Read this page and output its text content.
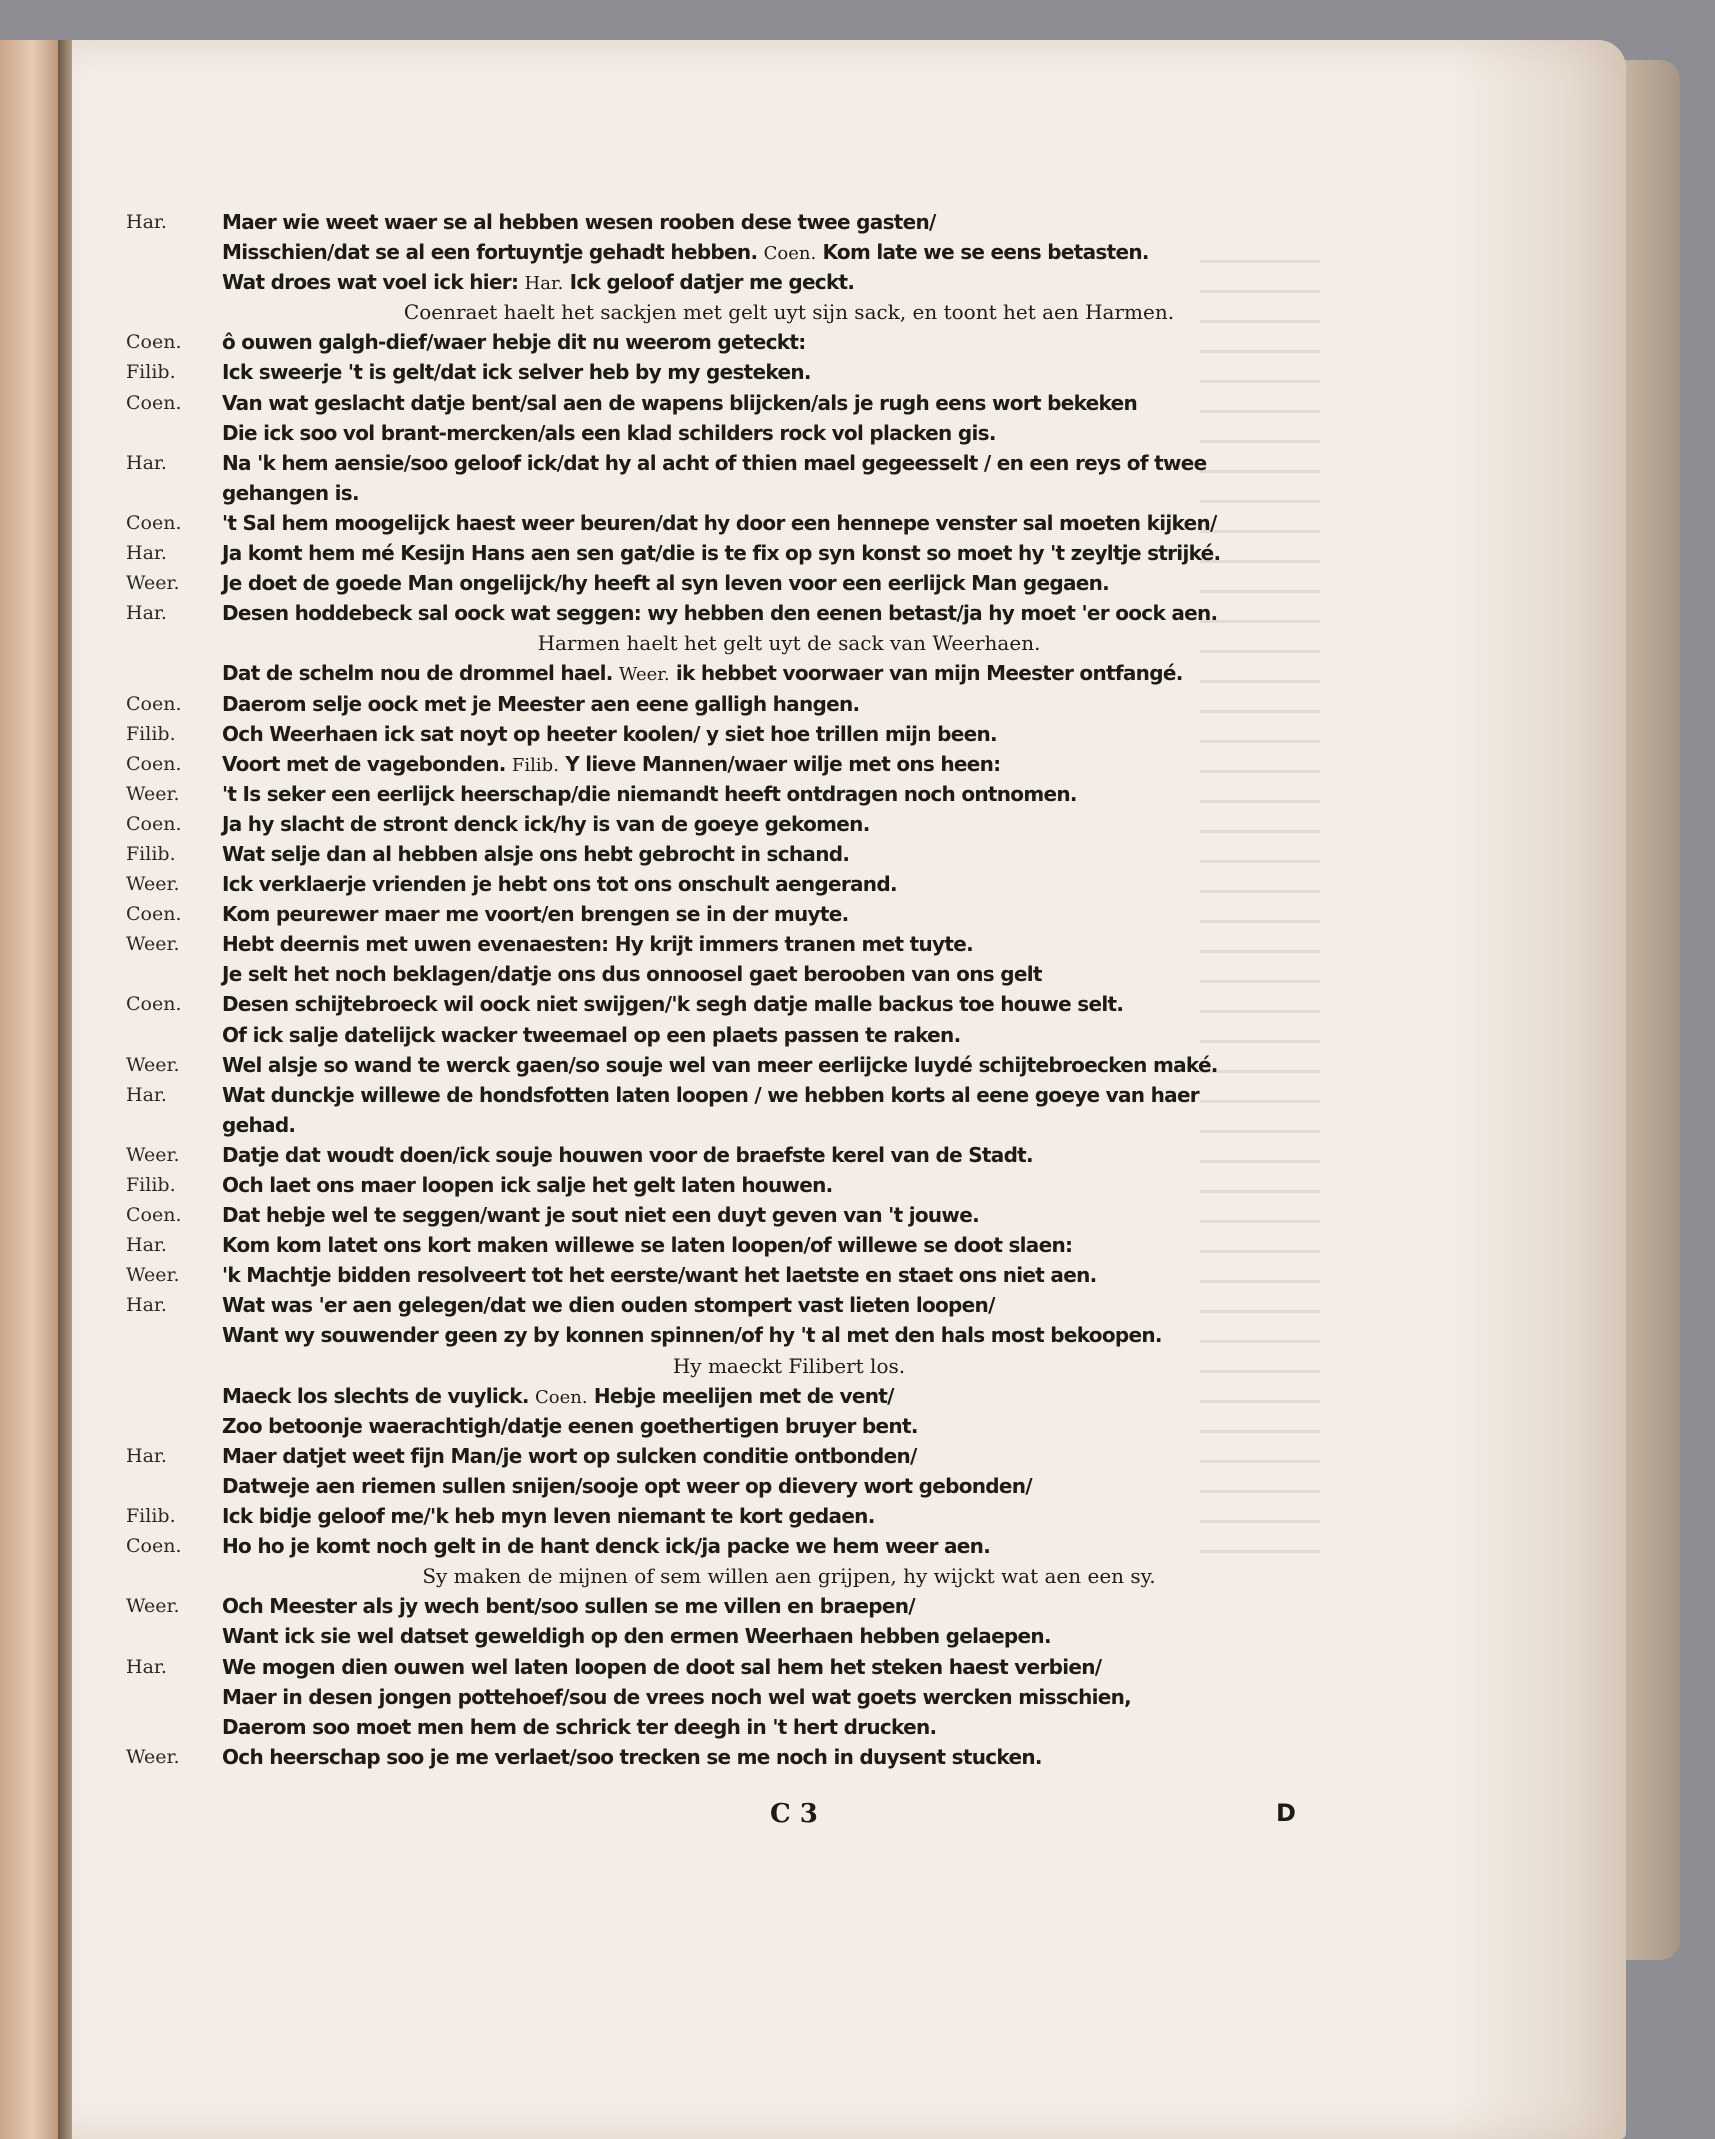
Har.	Maer wie weet waer se al hebben wesen rooben dese twee gasten/
Misschien/dat se al een fortuyntje gehadt hebben. Coen. Kom late we se eens betasten.
Wat droes wat voel ick hier: Har. Ick geloof datjer me geckt.
Coenraet haelt het sackjen met gelt uyt sijn sack, en toont het aen Harmen.
Coen.	ô ouwen galgh-dief/waer hebje dit nu weerom geteckt:
Filib.	Ick sweerje 't is gelt/dat ick selver heb by my gesteken.
Coen.	Van wat geslacht datje bent/sal aen de wapens blijcken/als je rugh eens wort bekeken
Die ick soo vol brant-mercken/als een klad schilders rock vol placken gis.
Har.	Na 'k hem aensie/soo geloof ick/dat hy al acht of thien mael gegeesselt / en een reys of twee
gehangen is.
Coen.	't Sal hem moogelijck haest weer beuren/dat hy door een hennepe venster sal moeten kijken/
Har.	Ja komt hem mé Kesijn Hans aen sen gat/die is te fix op syn konst so moet hy 't zeyltje strijké.
Weer.	Je doet de goede Man ongelijck/hy heeft al syn leven voor een eerlijck Man gegaen.
Har.	Desen hoddebeck sal oock wat seggen: wy hebben den eenen betast/ja hy moet 'er oock aen.
Harmen haelt het gelt uyt de sack van Weerhaen.
Dat de schelm nou de drommel hael. Weer. ik hebbet voorwaer van mijn Meester ontfangé.
Coen.	Daerom selje oock met je Meester aen eene galligh hangen.
Filib.	Och Weerhaen ick sat noyt op heeter koolen/ y siet hoe trillen mijn been.
Coen.	Voort met de vagebonden. Filib. Y lieve Mannen/waer wilje met ons heen:
Weer.	't Is seker een eerlijck heerschap/die niemandt heeft ontdragen noch ontnomen.
Coen.	Ja hy slacht de stront denck ick/hy is van de goeye gekomen.
Filib.	Wat selje dan al hebben alsje ons hebt gebrocht in schand.
Weer.	Ick verklaerje vrienden je hebt ons tot ons onschult aengerand.
Coen.	Kom peurewer maer me voort/en brengen se in der muyte.
Weer.	Hebt deernis met uwen evenaesten: Hy krijt immers tranen met tuyte.
Je selt het noch beklagen/datje ons dus onnoosel gaet berooben van ons gelt
Coen.	Desen schijtebroeck wil oock niet swijgen/'k segh datje malle backus toe houwe selt.
Of ick salje datelijck wacker tweemael op een plaets passen te raken.
Weer.	Wel alsje so wand te werck gaen/so souje wel van meer eerlijcke luydé schijtebroecken maké.
Har.	Wat dunckje willewe de hondsfotten laten loopen / we hebben korts al eene goeye van haer
gehad.
Weer.	Datje dat woudt doen/ick souje houwen voor de braefste kerel van de Stadt.
Filib.	Och laet ons maer loopen ick salje het gelt laten houwen.
Coen.	Dat hebje wel te seggen/want je sout niet een duyt geven van 't jouwe.
Har.	Kom kom latet ons kort maken willewe se laten loopen/of willewe se doot slaen:
Weer.	'k Machtje bidden resolveert tot het eerste/want het laetste en staet ons niet aen.
Har.	Wat was 'er aen gelegen/dat we dien ouden stompert vast lieten loopen/
Want wy souwender geen zy by konnen spinnen/of hy 't al met den hals most bekoopen.
Hy maeckt Filibert los.
Maeck los slechts de vuylick. Coen. Hebje meelijen met de vent/
Zoo betoonje waerachtigh/datje eenen goethertigen bruyer bent.
Har.	Maer datjet weet fijn Man/je wort op sulcken conditie ontbonden/
Datweje aen riemen sullen snijen/sooje opt weer op dievery wort gebonden/
Filib.	Ick bidje geloof me/'k heb myn leven niemant te kort gedaen.
Coen.	Ho ho je komt noch gelt in de hant denck ick/ja packe we hem weer aen.
Sy maken de mijnen of sem willen aen grijpen, hy wijckt wat aen een sy.
Weer.	Och Meester als jy wech bent/soo sullen se me villen en braepen/
Want ick sie wel datset geweldigh op den ermen Weerhaen hebben gelaepen.
Har.	We mogen dien ouwen wel laten loopen de doot sal hem het steken haest verbien/
Maer in desen jongen pottehoef/sou de vrees noch wel wat goets wercken misschien,
Daerom soo moet men hem de schrick ter deegh in 't hert drucken.
Weer.	Och heerschap soo je me verlaet/soo trecken se me noch in duysent stucken.
C 3	D
